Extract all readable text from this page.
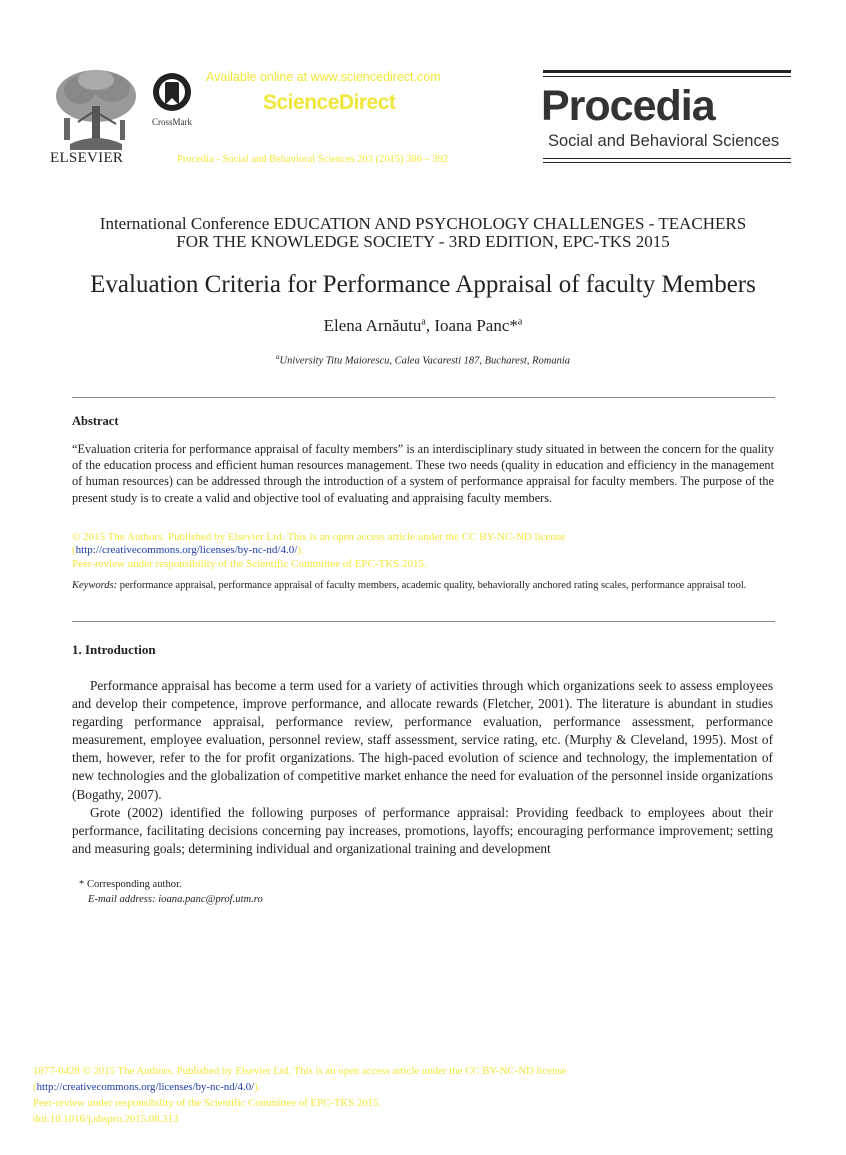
ELSEVIER
CrossMark
Available online at www.sciencedirect.com
ScienceDirect
Procedia - Social and Behavioral Sciences 203 (2015) 386 – 392
Procedia
Social and Behavioral Sciences
International Conference EDUCATION AND PSYCHOLOGY CHALLENGES - TEACHERS
FOR THE KNOWLEDGE SOCIETY - 3RD EDITION, EPC-TKS 2015
Evaluation Criteria for Performance Appraisal of faculty Members
Elena Arnăutu$^a$, Ioana Panc*$^a$
$^a$University Titu Maiorescu, Calea Vacaresti 187, Bucharest, Romania
Abstract
“Evaluation criteria for performance appraisal of faculty members” is an interdisciplinary study situated in between the concern for the quality of the education process and efficient human resources management. These two needs (quality in education and efficiency in the management of human resources) can be addressed through the introduction of a system of performance appraisal for faculty members. The purpose of the present study is to create a valid and objective tool of evaluating and appraising faculty members.
© 2015 The Authors. Published by Elsevier Ltd. This is an open access article under the CC BY-NC-ND license
(http://creativecommons.org/licenses/by-nc-nd/4.0/).
Peer-review under responsibility of the Scientific Committee of EPC-TKS 2015.
Keywords: performance appraisal, performance appraisal of faculty members, academic quality, behaviorally anchored rating scales, performance appraisal tool.
1. Introduction

Performance appraisal has become a term used for a variety of activities through which organizations seek to assess employees and develop their competence, improve performance, and allocate rewards (Fletcher, 2001). The literature is abundant in studies regarding performance appraisal, performance review, performance evaluation, performance assessment, performance measurement, employee evaluation, personnel review, staff assessment, service rating, etc. (Murphy & Cleveland, 1995). Most of them, however, refer to the for profit organizations. The high-paced evolution of science and technology, the implementation of new technologies and the globalization of competitive market enhance the need for evaluation of the personnel inside organizations (Bogathy, 2007).

Grote (2002) identified the following purposes of performance appraisal: Providing feedback to employees about their performance, facilitating decisions concerning pay increases, promotions, layoffs; encouraging performance improvement; setting and measuring goals; determining individual and organizational training and development

* Corresponding author.
E-mail address: ioana.panc@prof.utm.ro
1877-0428 © 2015 The Authors. Published by Elsevier Ltd. This is an open access article under the CC BY-NC-ND license
(http://creativecommons.org/licenses/by-nc-nd/4.0/).
Peer-review under responsibility of the Scientific Committee of EPC-TKS 2015.
doi:10.1016/j.sbspro.2015.08.313
